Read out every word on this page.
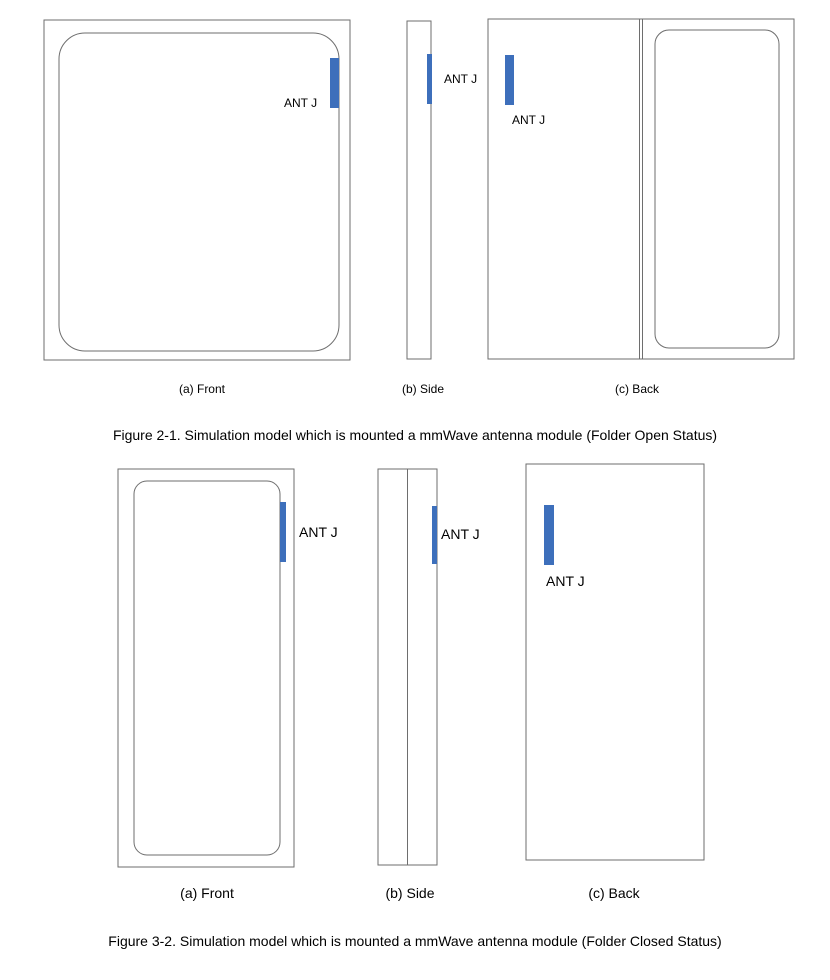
ANT J
(a) Front
ANT J
(b) Side
ANT J
(c) Back
Figure 2-1. Simulation model which is mounted a mmWave antenna module (Folder Open Status)
ANT J
(a) Front
ANT J
(b) Side
ANT J
(c) Back
Figure 3-2. Simulation model which is mounted a mmWave antenna module (Folder Closed Status)
